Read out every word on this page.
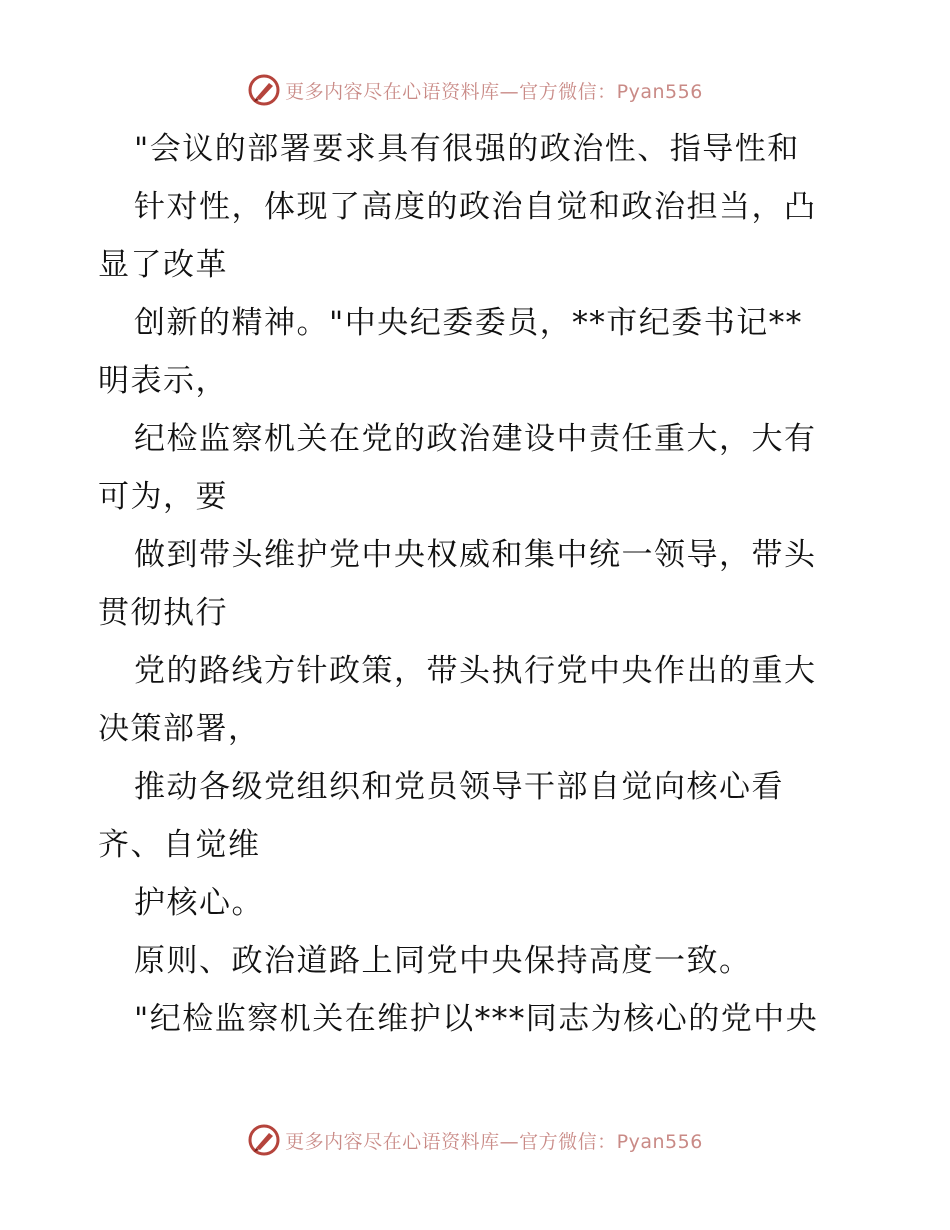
更多内容尽在心语资料库—官方微信：Pyan556
"会议的部署要求具有很强的政治性、指导性和
针对性，体现了高度的政治自觉和政治担当，凸
显了改革
创新的精神。"中央纪委委员，**市纪委书记**
明表示，
纪检监察机关在党的政治建设中责任重大，大有
可为，要
做到带头维护党中央权威和集中统一领导，带头
贯彻执行
党的路线方针政策，带头执行党中央作出的重大
决策部署，
推动各级党组织和党员领导干部自觉向核心看
齐、自觉维
护核心。
原则、政治道路上同党中央保持高度一致。
"纪检监察机关在维护以***同志为核心的党中央
更多内容尽在心语资料库—官方微信：Pyan556
